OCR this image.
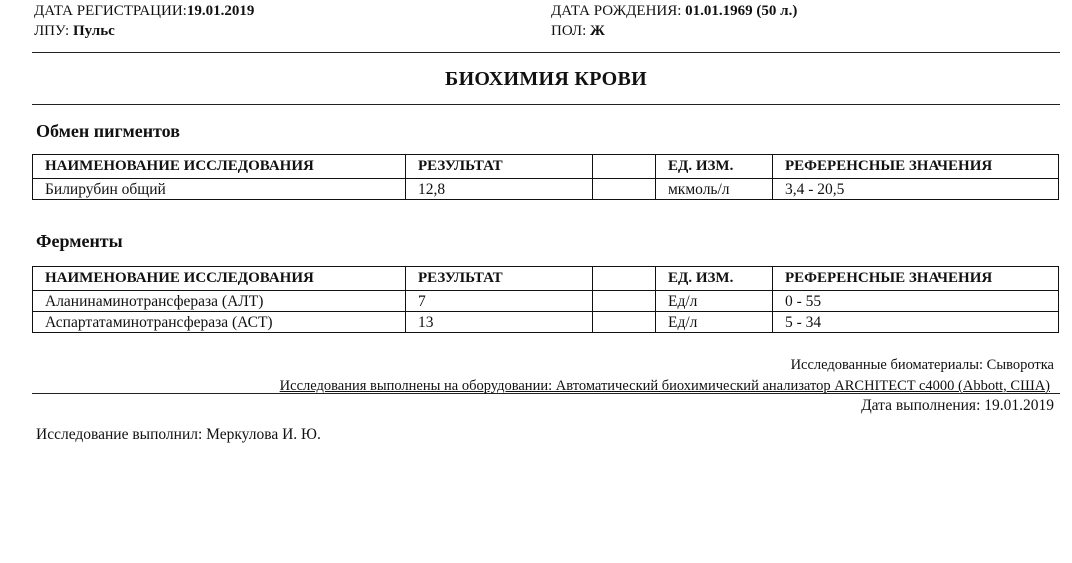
ДАТА РЕГИСТРАЦИИ:19.01.2019
ЛПУ: Пульс
ДАТА РОЖДЕНИЯ: 01.01.1969 (50 л.)
ПОЛ: Ж
БИОХИМИЯ КРОВИ
Обмен пигментов
НАИМЕНОВАНИЕ ИССЛЕДОВАНИЯ	РЕЗУЛЬТАТ		ЕД. ИЗМ.	РЕФЕРЕНСНЫЕ ЗНАЧЕНИЯ
Билирубин общий	12,8		мкмоль/л	3,4 - 20,5
Ферменты
НАИМЕНОВАНИЕ ИССЛЕДОВАНИЯ	РЕЗУЛЬТАТ		ЕД. ИЗМ.	РЕФЕРЕНСНЫЕ ЗНАЧЕНИЯ
Аланинаминотрансфераза (АЛТ)	7		Ед/л	0 - 55
Аспартатаминотрансфераза (АСТ)	13		Ед/л	5 - 34
Исследованные биоматериалы: Сыворотка
Исследования выполнены на оборудовании: Автоматический биохимический анализатор ARCHITECT c4000 (Abbott, США)
Дата выполнения: 19.01.2019
Исследование выполнил: Меркулова И. Ю.
